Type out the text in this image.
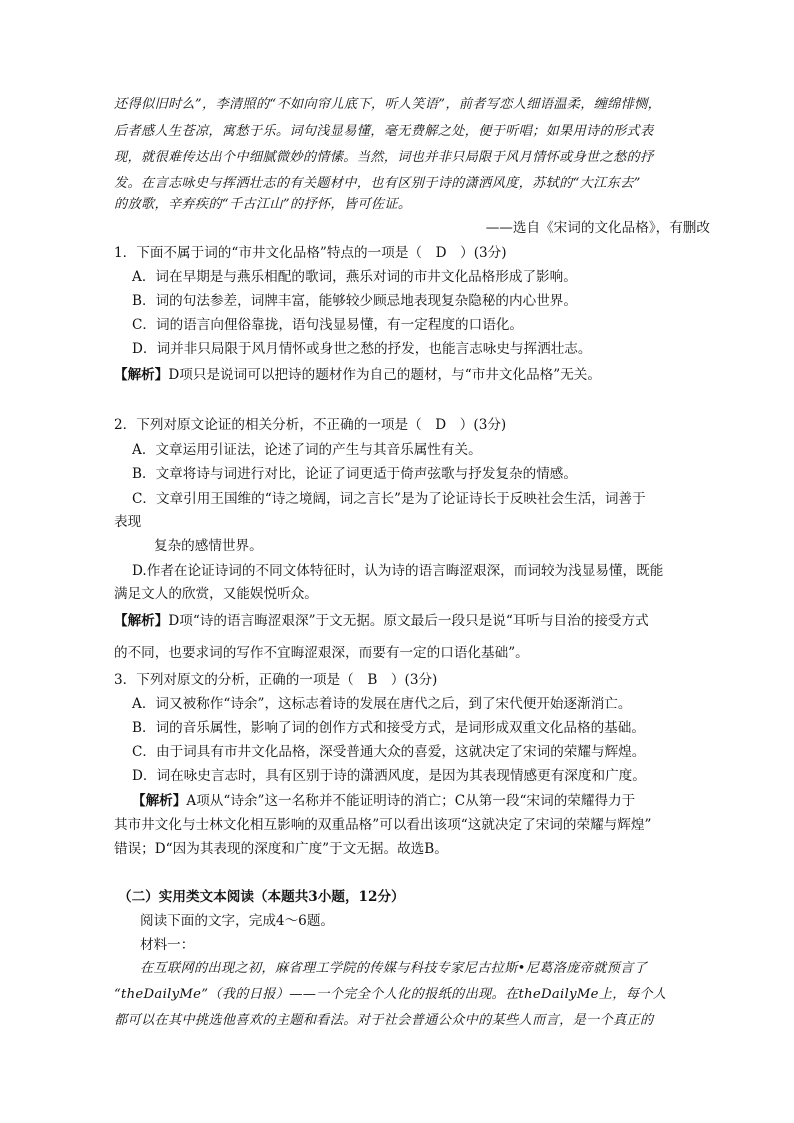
还得似旧时么”，李清照的“不如向帘儿底下，听人笑语”，前者写恋人细语温柔，缠绵悱恻，
后者感人生苍凉，寓愁于乐。词句浅显易懂，毫无费解之处，便于听唱；如果用诗的形式表
现，就很难传达出个中细腻微妙的情愫。当然，词也并非只局限于风月情怀或身世之愁的抒
发。在言志咏史与挥洒壮志的有关题材中，也有区别于诗的潇洒风度，苏轼的“大江东去”
的放歌，辛弃疾的“千古江山”的抒怀，皆可佐证。
——选自《宋词的文化品格》，有删改
1．下面不属于词的“市井文化品格”特点的一项是（　D　）(3分)
A．词在早期是与燕乐相配的歌词，燕乐对词的市井文化品格形成了影响。
B．词的句法参差，词牌丰富，能够较少顾忌地表现复杂隐秘的内心世界。
C．词的语言向俚俗靠拢，语句浅显易懂，有一定程度的口语化。
D．词并非只局限于风月情怀或身世之愁的抒发，也能言志咏史与挥洒壮志。
【解析】D项只是说词可以把诗的题材作为自己的题材，与“市井文化品格”无关。
2．下列对原文论证的相关分析，不正确的一项是（　D　）(3分)
A．文章运用引证法，论述了词的产生与其音乐属性有关。
B．文章将诗与词进行对比，论证了词更适于倚声弦歌与抒发复杂的情感。
C．文章引用王国维的“诗之境阔，词之言长”是为了论证诗长于反映社会生活，词善于
表现
复杂的感情世界。
D.作者在论证诗词的不同文体特征时，认为诗的语言晦涩艰深，而词较为浅显易懂，既能
满足文人的欣赏，又能娱悦听众。
【解析】D项“诗的语言晦涩艰深”于文无据。原文最后一段只是说“耳听与目治的接受方式
的不同，也要求词的写作不宜晦涩艰深，而要有一定的口语化基础”。
3．下列对原文的分析，正确的一项是（　B　）(3分)
A．词又被称作“诗余”，这标志着诗的发展在唐代之后，到了宋代便开始逐渐消亡。
B．词的音乐属性，影响了词的创作方式和接受方式，是词形成双重文化品格的基础。
C．由于词具有市井文化品格，深受普通大众的喜爱，这就决定了宋词的荣耀与辉煌。
D．词在咏史言志时，具有区别于诗的潇洒风度，是因为其表现情感更有深度和广度。
【解析】A项从“诗余”这一名称并不能证明诗的消亡；C从第一段“宋词的荣耀得力于
其市井文化与士林文化相互影响的双重品格”可以看出该项“这就决定了宋词的荣耀与辉煌”
错误；D“因为其表现的深度和广度”于文无据。故选B。
（二）实用类文本阅读（本题共3小题，12分）
阅读下面的文字，完成4～6题。
材料一：
在互联网的出现之初，麻省理工学院的传媒与科技专家尼古拉斯•尼葛洛庞帝就预言了
“theDailyMe”（我的日报）——一个完全个人化的报纸的出现。在theDailyMe上，每个人
都可以在其中挑选他喜欢的主题和看法。对于社会普通公众中的某些人而言，是一个真正的
